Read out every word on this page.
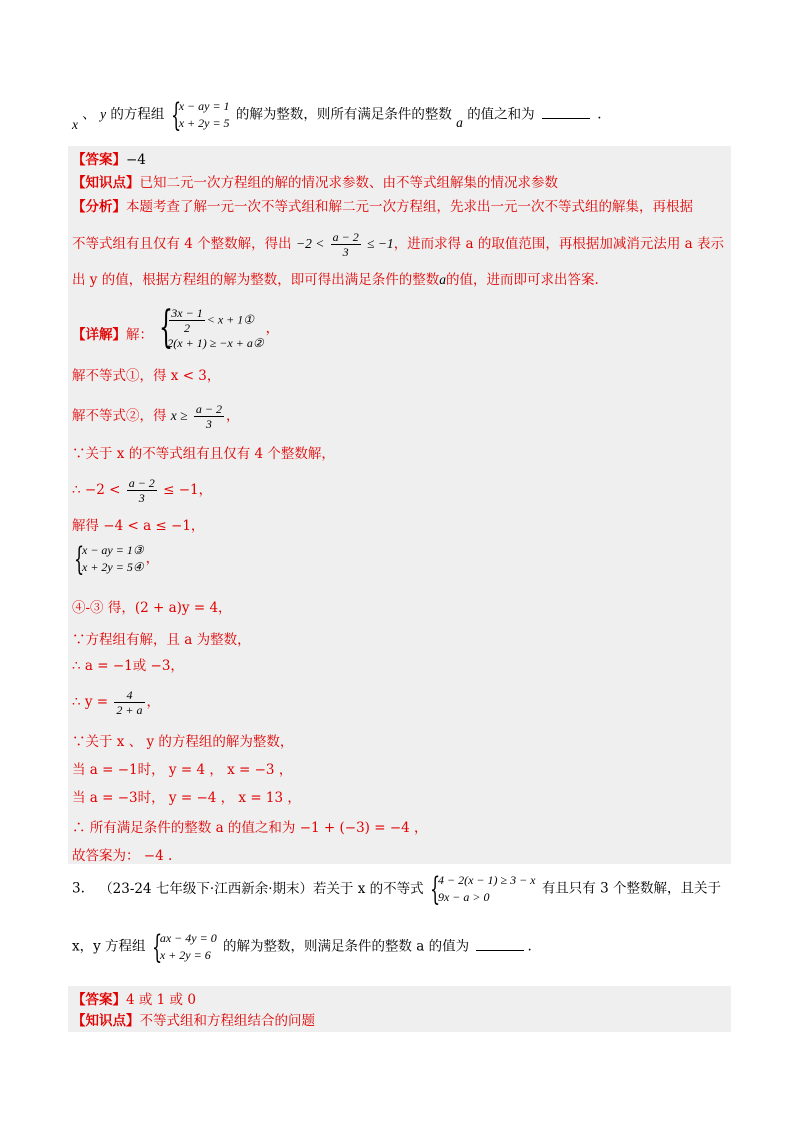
x 、 y 的方程组 {
x − ay = 1
x + 2y = 5
的解为整数，则所有满足条件的整数 a 的值之和为	.
【答案】−4
【知识点】已知二元一次方程组的解的情况求参数、由不等式组解集的情况求参数
【分析】本题考查了解一元一次不等式组和解二元一次方程组，先求出一元一次不等式组的解集，再根据
不等式组有且仅有 4 个整数解，得出 $-2 < \frac{a - 2}{3} \le -1$，进而求得 a 的取值范围，再根据加减消元法用 a 表示
出 y 的值，根据方程组的解为整数，即可得出满足条件的整数a的值，进而即可求出答案.
【详解】解： {
$\frac{3x - 1}{2} < x$ + 1①
2(x + 1) ≥ −x + a②
，
解不等式①，得 x < 3，
解不等式②，得 $x \ge \frac{a - 2}{3}$ ，
∵关于 x 的不等式组有且仅有 4 个整数解，
∴ $-2 < \frac{a - 2}{3} \le -1$，
解得 −4 < a ≤ −1，
{
x − ay = 1③
x + 2y = 5④
，
④-③ 得，(2 + a)y = 4，
∵方程组有解，且 a 为整数，
∴ a = −1或 −3，
∴ $y = \frac{4}{2 + a}$ ，
∵关于 x 、 y 的方程组的解为整数，
当 a = −1时， y = 4 ， x = −3 ，
当 a = −3时， y = −4 ， x = 13 ，
∴ 所有满足条件的整数 a 的值之和为 −1 + (−3) = −4 ，
故答案为： −4 .
3. （23-24 七年级下·江西新余·期末）若关于 x 的不等式 {
4 − 2(x − 1) ≥ 3 − x
9x − a > 0
有且只有 3 个整数解，且关于
x，y 方程组 {
ax − 4y = 0
x + 2y = 6
的解为整数，则满足条件的整数 a 的值为	.
【答案】4 或 1 或 0
【知识点】不等式组和方程组结合的问题
